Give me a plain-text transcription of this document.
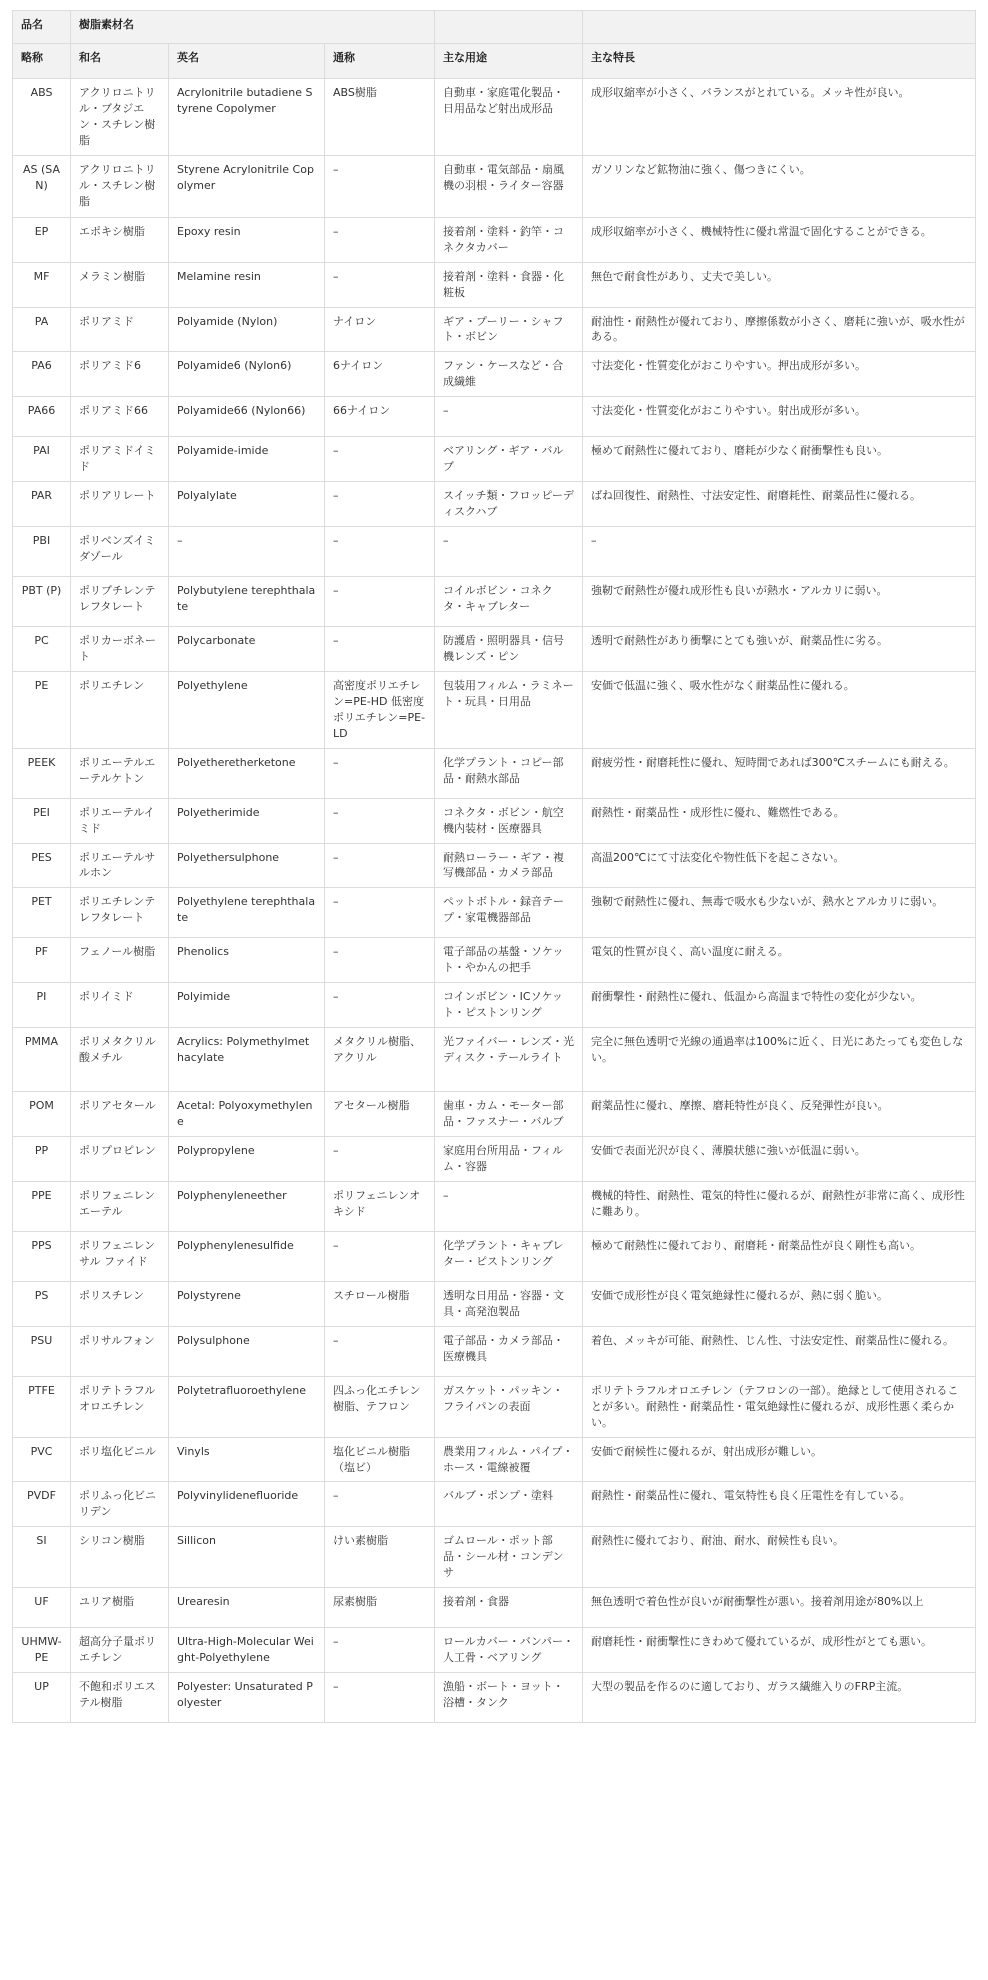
品名	樹脂素材名				
略称	和名	英名	通称	主な用途	主な特長
ABS	アクリロニトリル・ブタジエン・スチレン樹脂	Acrylonitrile butadiene Styrene Copolymer	ABS樹脂	自動車・家庭電化製品・日用品など射出成形品	成形収縮率が小さく、バランスがとれている。メッキ性が良い。
AS (SAN)	アクリロニトリル・スチレン樹脂	Styrene Acrylonitrile Copolymer	–	自動車・電気部品・扇風機の羽根・ライター容器	ガソリンなど鉱物油に強く、傷つきにくい。
EP	エポキシ樹脂	Epoxy resin	–	接着剤・塗料・釣竿・コネクタカバー	成形収縮率が小さく、機械特性に優れ常温で固化することができる。
MF	メラミン樹脂	Melamine resin	–	接着剤・塗料・食器・化粧板	無色で耐食性があり、丈夫で美しい。
PA	ポリアミド	Polyamide (Nylon)	ナイロン	ギア・プーリー・シャフト・ボビン	耐油性・耐熱性が優れており、摩擦係数が小さく、磨耗に強いが、吸水性がある。
PA6	ポリアミド6	Polyamide6 (Nylon6)	6ナイロン	ファン・ケースなど・合成繊維	寸法変化・性質変化がおこりやすい。押出成形が多い。
PA66	ポリアミド66	Polyamide66 (Nylon66)	66ナイロン	–	寸法変化・性質変化がおこりやすい。射出成形が多い。
PAI	ポリアミドイミド	Polyamide-imide	–	ベアリング・ギア・バルブ	極めて耐熱性に優れており、磨耗が少なく耐衝撃性も良い。
PAR	ポリアリレート	Polyalylate	–	スイッチ類・フロッピーディスクハブ	ばね回復性、耐熱性、寸法安定性、耐磨耗性、耐薬品性に優れる。
PBI	ポリベンズイミダゾール	–	–	–	–
PBT (P)	ポリブチレンテレフタレート	Polybutylene terephthalate	–	コイルボビン・コネクタ・キャブレター	強靭で耐熱性が優れ成形性も良いが熱水・アルカリに弱い。
PC	ポリカーボネート	Polycarbonate	–	防護盾・照明器具・信号機レンズ・ピン	透明で耐熱性があり衝撃にとても強いが、耐薬品性に劣る。
PE	ポリエチレン	Polyethylene	高密度ポリエチレン=PE-HD 低密度ポリエチレン=PE-LD	包装用フィルム・ラミネート・玩具・日用品	安価で低温に強く、吸水性がなく耐薬品性に優れる。
PEEK	ポリエーテルエーテルケトン	Polyetheretherketone	–	化学プラント・コピー部品・耐熱水部品	耐疲労性・耐磨耗性に優れ、短時間であれば300℃スチームにも耐える。
PEI	ポリエーテルイミド	Polyetherimide	–	コネクタ・ボビン・航空機内装材・医療器具	耐熱性・耐薬品性・成形性に優れ、難燃性である。
PES	ポリエーテルサルホン	Polyethersulphone	–	耐熱ローラー・ギア・複写機部品・カメラ部品	高温200℃にて寸法変化や物性低下を起こさない。
PET	ポリエチレンテレフタレート	Polyethylene terephthalate	–	ペットボトル・録音テープ・家電機器部品	強靭で耐熱性に優れ、無毒で吸水も少ないが、熱水とアルカリに弱い。
PF	フェノール樹脂	Phenolics	–	電子部品の基盤・ソケット・やかんの把手	電気的性質が良く、高い温度に耐える。
PI	ポリイミド	Polyimide	–	コインボビン・ICソケット・ピストンリング	耐衝撃性・耐熱性に優れ、低温から高温まで特性の変化が少ない。
PMMA	ポリメタクリル酸メチル	Acrylics: Polymethylmethacylate	メタクリル樹脂、アクリル	光ファイバー・レンズ・光ディスク・テールライト	完全に無色透明で光線の通過率は100%に近く、日光にあたっても変色しない。
POM	ポリアセタール	Acetal: Polyoxymethylene	アセタール樹脂	歯車・カム・モーター部品・ファスナー・バルブ	耐薬品性に優れ、摩擦、磨耗特性が良く、反発弾性が良い。
PP	ポリプロピレン	Polypropylene	–	家庭用台所用品・フィルム・容器	安価で表面光沢が良く、薄膜状態に強いが低温に弱い。
PPE	ポリフェニレンエーテル	Polyphenyleneether	ポリフェニレンオキシド	–	機械的特性、耐熱性、電気的特性に優れるが、耐熱性が非常に高く、成形性に難あり。
PPS	ポリフェニレンサル ファイド	Polyphenylenesulfide	–	化学プラント・キャブレター・ピストンリング	極めて耐熱性に優れており、耐磨耗・耐薬品性が良く剛性も高い。
PS	ポリスチレン	Polystyrene	スチロール樹脂	透明な日用品・容器・文具・高発泡製品	安価で成形性が良く電気絶縁性に優れるが、熱に弱く脆い。
PSU	ポリサルフォン	Polysulphone	–	電子部品・カメラ部品・医療機具	着色、メッキが可能、耐熱性、じん性、寸法安定性、耐薬品性に優れる。
PTFE	ポリテトラフルオロエチレン	Polytetrafluoroethylene	四ふっ化エチレン樹脂、テフロン	ガスケット・パッキン・フライパンの表面	ポリテトラフルオロエチレン（テフロンの一部）。絶縁として使用されることが多い。耐熱性・耐薬品性・電気絶縁性に優れるが、成形性悪く柔らかい。
PVC	ポリ塩化ビニル	Vinyls	塩化ビニル樹脂（塩ビ）	農業用フィルム・パイプ・ホース・電線被覆	安価で耐候性に優れるが、射出成形が難しい。
PVDF	ポリふっ化ビニリデン	Polyvinylidenefluoride	–	バルブ・ポンプ・塗料	耐熱性・耐薬品性に優れ、電気特性も良く圧電性を有している。
SI	シリコン樹脂	Sillicon	けい素樹脂	ゴムロール・ポット部品・シール材・コンデンサ	耐熱性に優れており、耐油、耐水、耐候性も良い。
UF	ユリア樹脂	Urearesin	尿素樹脂	接着剤・食器	無色透明で着色性が良いが耐衝撃性が悪い。接着剤用途が80%以上
UHMW-PE	超高分子量ポリエチレン	Ultra-High-Molecular Weight-Polyethylene	–	ロールカバー・バンパー・人工骨・ベアリング	耐磨耗性・耐衝撃性にきわめて優れているが、成形性がとても悪い。
UP	不飽和ポリエステル樹脂	Polyester: Unsaturated Polyester	–	漁船・ボート・ヨット・浴槽・タンク	大型の製品を作るのに適しており、ガラス繊維入りのFRP主流。
